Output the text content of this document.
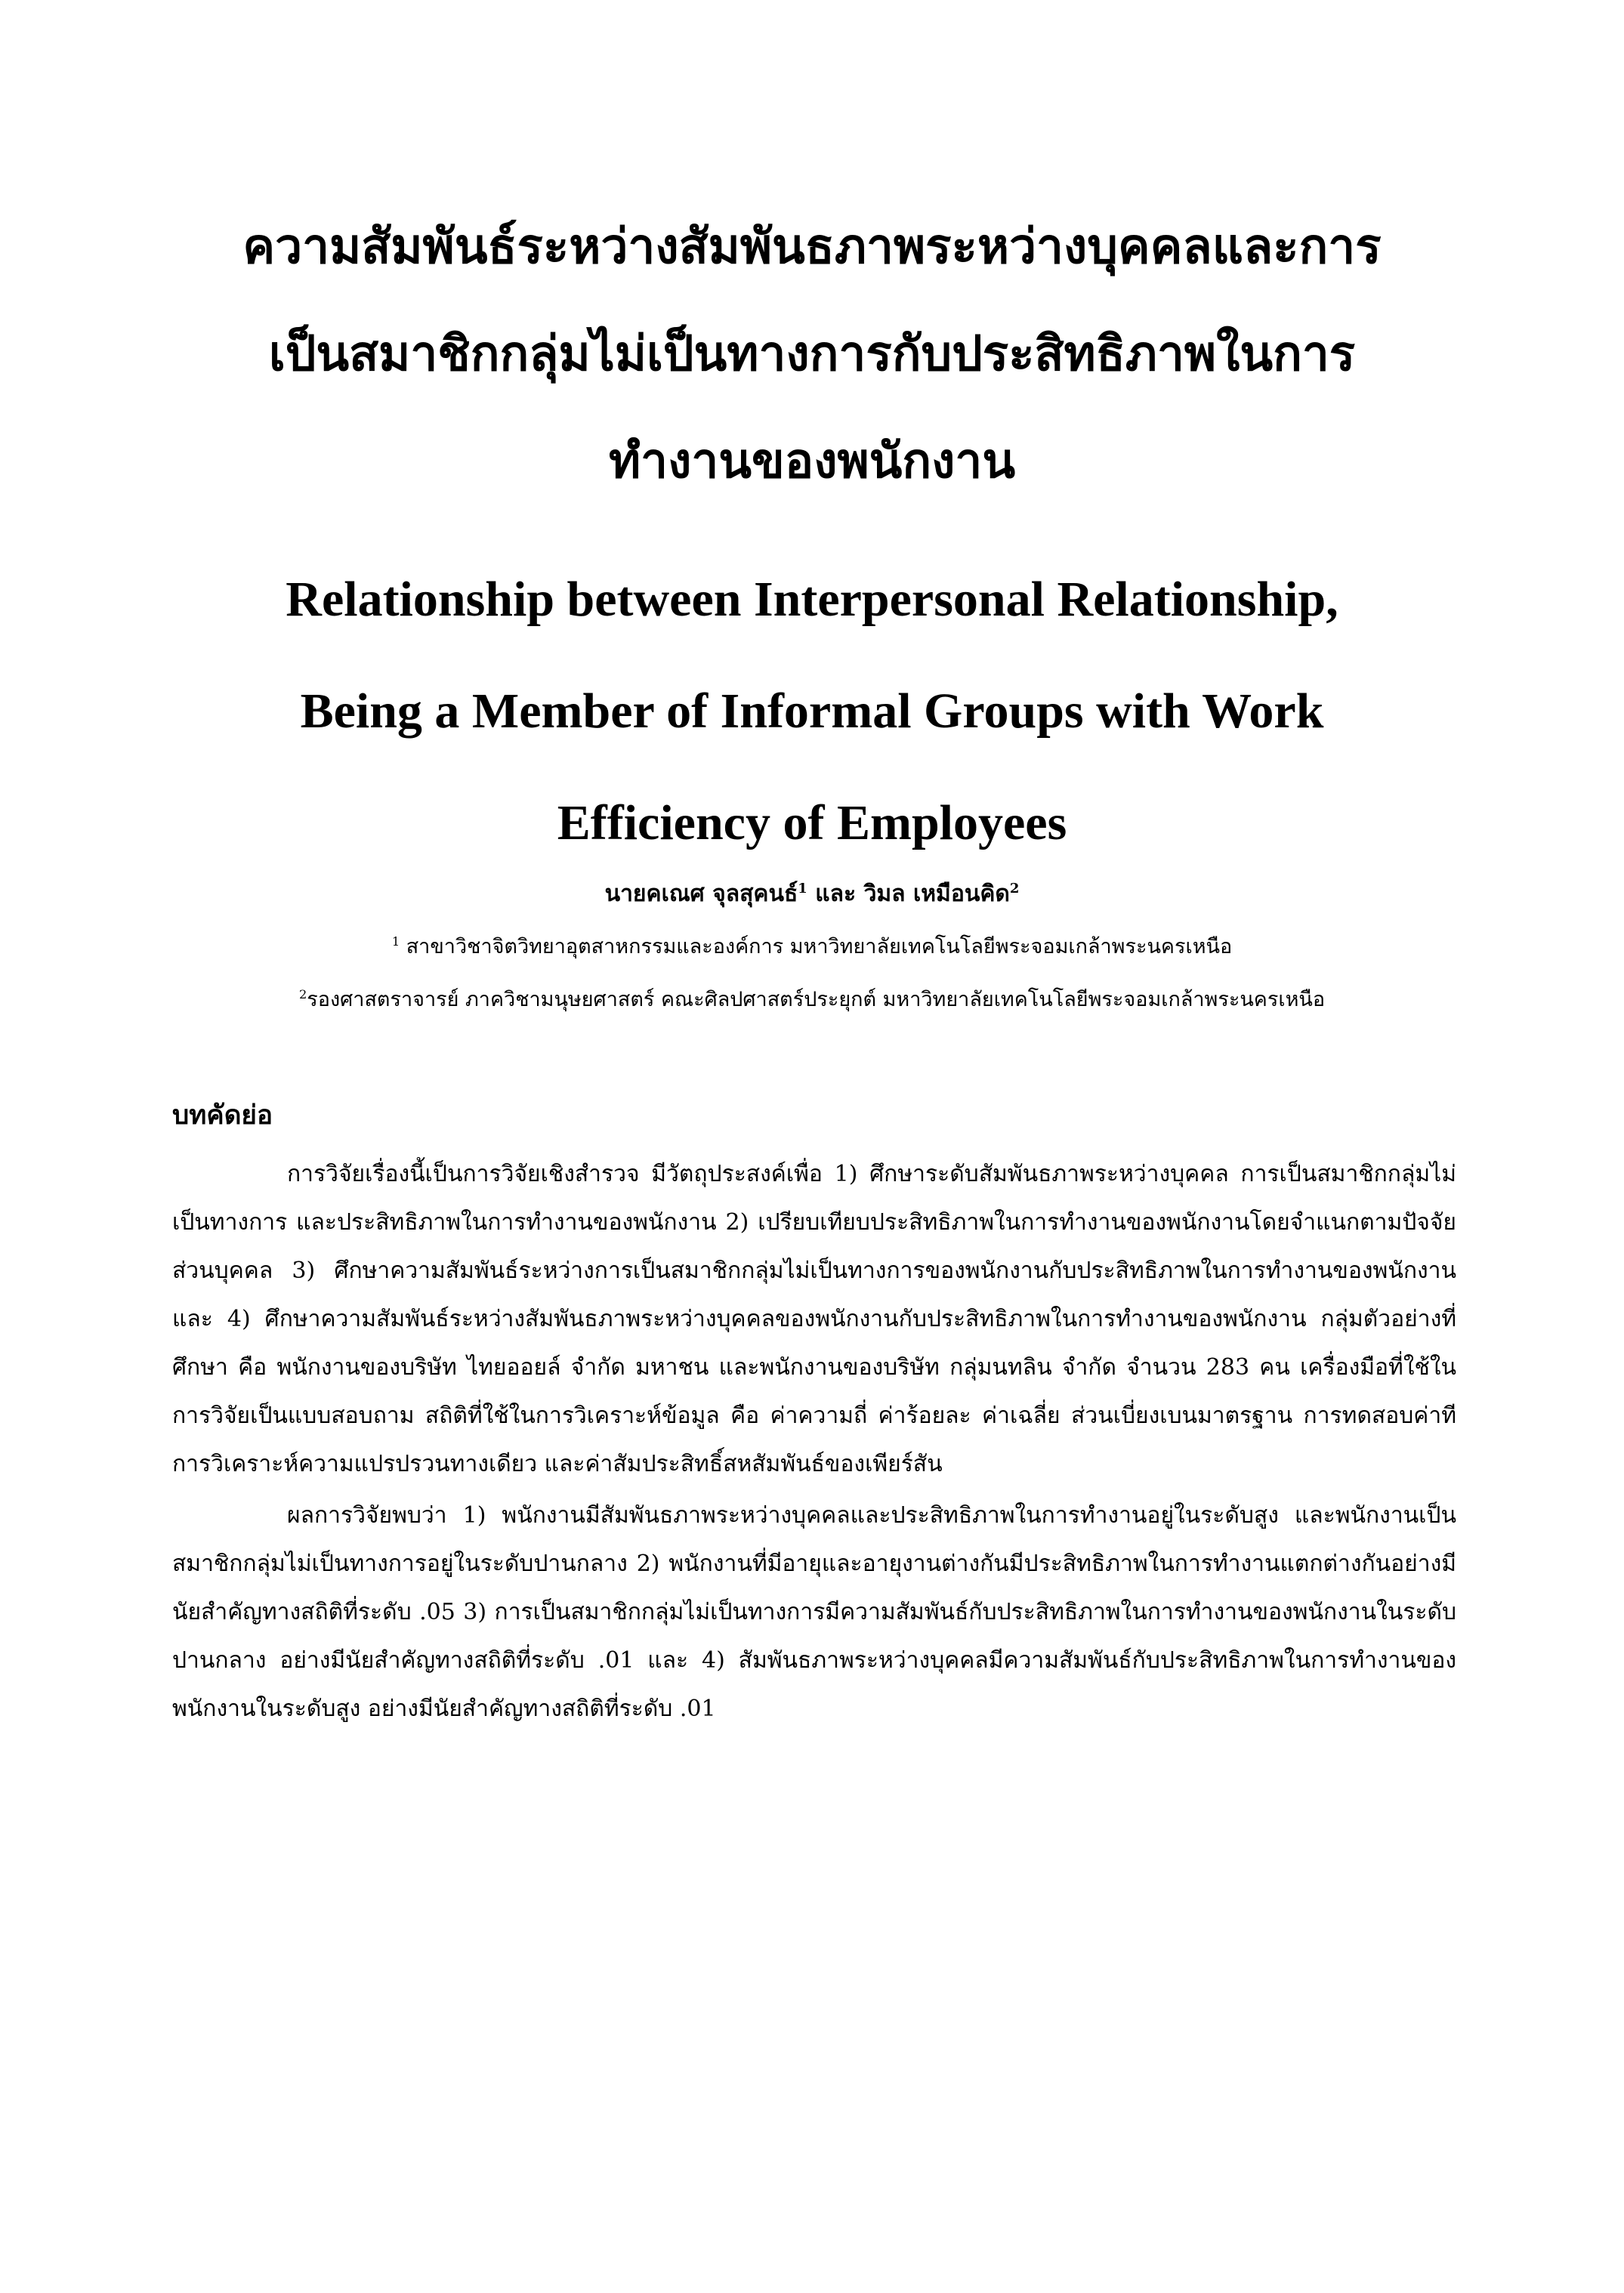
ความสัมพันธ์ระหว่างสัมพันธภาพระหว่างบุคคลและการ
เป็นสมาชิกกลุ่มไม่เป็นทางการกับประสิทธิภาพในการ
ทำงานของพนักงาน
Relationship between Interpersonal Relationship,
Being a Member of Informal Groups with Work
Efficiency of Employees
นายคเณศ จุลสุคนธ์$^1$ และ วิมล เหมือนคิด$^2$
$^1$ สาขาวิชาจิตวิทยาอุตสาหกรรมและองค์การ มหาวิทยาลัยเทคโนโลยีพระจอมเกล้าพระนครเหนือ
$^2$รองศาสตราจารย์ ภาควิชามนุษยศาสตร์ คณะศิลปศาสตร์ประยุกต์ มหาวิทยาลัยเทคโนโลยีพระจอมเกล้าพระนครเหนือ
บทคัดย่อ

การวิจัยเรื่องนี้เป็นการวิจัยเชิงสำรวจ มีวัตถุประสงค์เพื่อ 1) ศึกษาระดับสัมพันธภาพระหว่างบุคคล การเป็นสมาชิกกลุ่มไม่เป็นทางการ และประสิทธิภาพในการทำงานของพนักงาน 2) เปรียบเทียบประสิทธิภาพในการทำงานของพนักงานโดยจำแนกตามปัจจัยส่วนบุคคล 3) ศึกษาความสัมพันธ์ระหว่างการเป็นสมาชิกกลุ่มไม่เป็นทางการของพนักงานกับประสิทธิภาพในการทำงานของพนักงาน และ 4) ศึกษาความสัมพันธ์ระหว่างสัมพันธภาพระหว่างบุคคลของพนักงานกับประสิทธิภาพในการทำงานของพนักงาน กลุ่มตัวอย่างที่ศึกษา คือ พนักงานของบริษัท ไทยออยล์ จำกัด มหาชน และพนักงานของบริษัท กลุ่มนทลิน จำกัด จำนวน 283 คน เครื่องมือที่ใช้ในการวิจัยเป็นแบบสอบถาม สถิติที่ใช้ในการวิเคราะห์ข้อมูล คือ ค่าความถี่ ค่าร้อยละ ค่าเฉลี่ย ส่วนเบี่ยงเบนมาตรฐาน การทดสอบค่าที การวิเคราะห์ความแปรปรวนทางเดียว และค่าสัมประสิทธิ์สหสัมพันธ์ของเพียร์สัน

ผลการวิจัยพบว่า 1) พนักงานมีสัมพันธภาพระหว่างบุคคลและประสิทธิภาพในการทำงานอยู่ในระดับสูง และพนักงานเป็นสมาชิกกลุ่มไม่เป็นทางการอยู่ในระดับปานกลาง 2) พนักงานที่มีอายุและอายุงานต่างกันมีประสิทธิภาพในการทำงานแตกต่างกันอย่างมีนัยสำคัญทางสถิติที่ระดับ .05 3) การเป็นสมาชิกกลุ่มไม่เป็นทางการมีความสัมพันธ์กับประสิทธิภาพในการทำงานของพนักงานในระดับปานกลาง อย่างมีนัยสำคัญทางสถิติที่ระดับ .01 และ 4) สัมพันธภาพระหว่างบุคคลมีความสัมพันธ์กับประสิทธิภาพในการทำงานของพนักงานในระดับสูง อย่างมีนัยสำคัญทางสถิติที่ระดับ .01
